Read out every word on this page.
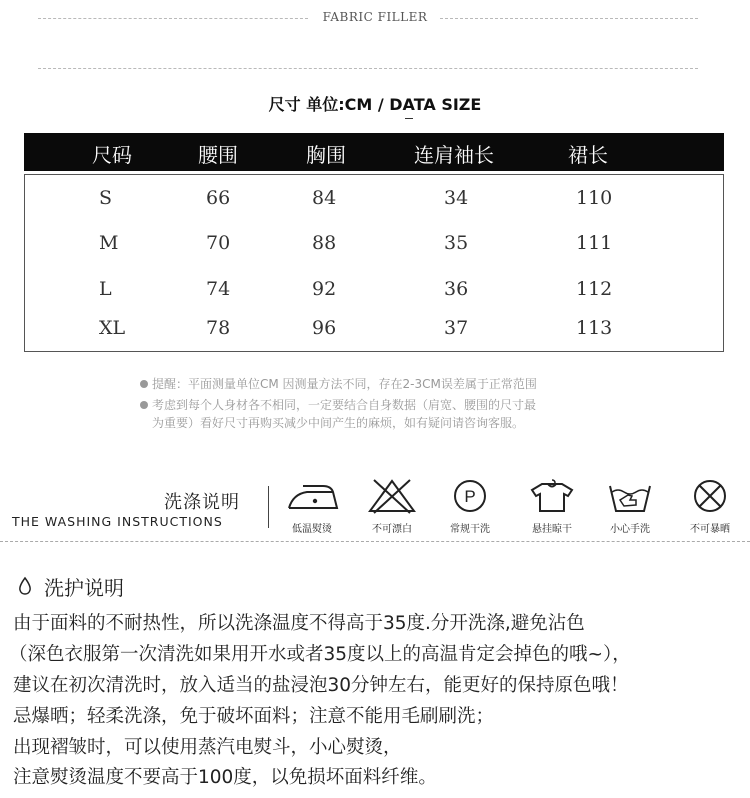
FABRIC FILLER
尺寸 单位:CM / DATA SIZE
尺码	腰围	胸围	连肩袖长	裙长
S	66	84	34	110
M	70	88	35	111
L	74	92	36	112
XL	78	96	37	113
提醒：平面测量单位CM 因测量方法不同，存在2-3CM误差属于正常范围
考虑到每个人身材各不相同，一定要结合自身数据（肩宽、腰围的尺寸最
为重要）看好尺寸再购买减少中间产生的麻烦，如有疑问请咨询客服。
洗涤说明
THE WASHING INSTRUCTIONS
低温熨烫	不可漂白
P
常规干洗	悬挂晾干	小心手洗	不可暴晒
洗护说明
由于面料的不耐热性，所以洗涤温度不得高于35度.分开洗涤,避免沾色
（深色衣服第一次清洗如果用开水或者35度以上的高温肯定会掉色的哦~），
建议在初次清洗时，放入适当的盐浸泡30分钟左右，能更好的保持原色哦！
忌爆晒；轻柔洗涤，免于破坏面料；注意不能用毛刷刷洗；
出现褶皱时，可以使用蒸汽电熨斗，小心熨烫，
注意熨烫温度不要高于100度，以免损坏面料纤维。
